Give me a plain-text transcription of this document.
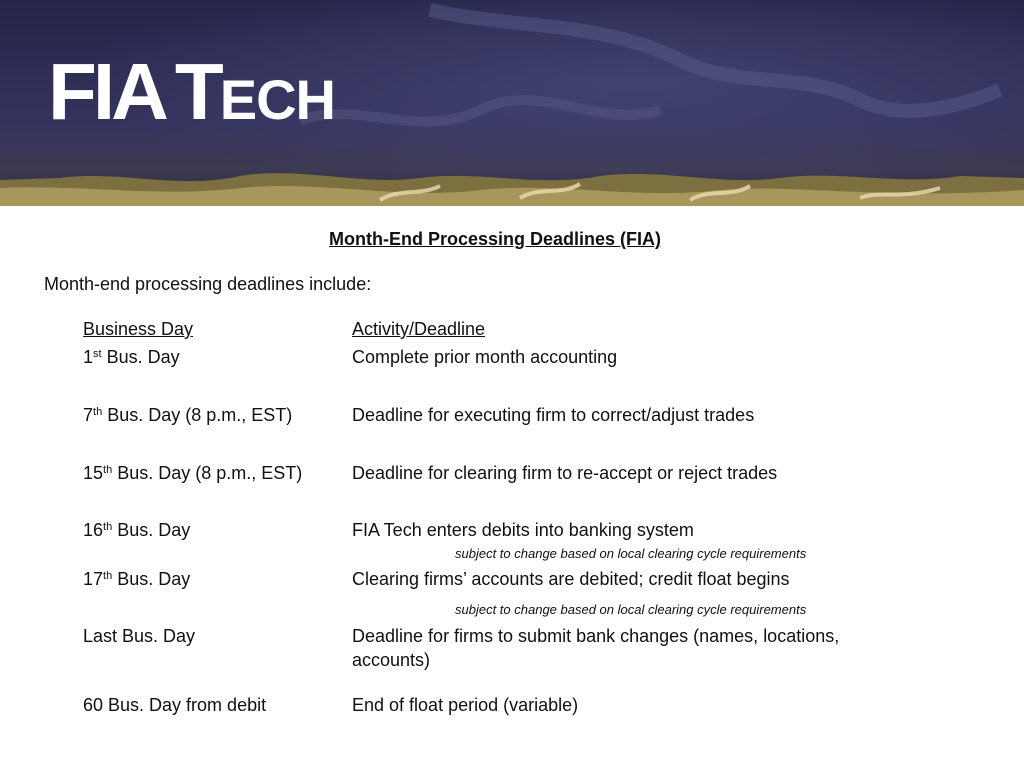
FIA TECH
Month-End Processing Deadlines (FIA)
Month-end processing deadlines include:
Business Day	Activity/Deadline
1st Bus. Day	Complete prior month accounting
7th Bus. Day (8 p.m., EST)	Deadline for executing firm to correct/adjust trades
15th Bus. Day (8 p.m., EST)	Deadline for clearing firm to re-accept or reject trades
16th Bus. Day	FIA Tech enters debits into banking system
subject to change based on local clearing cycle requirements
17th Bus. Day	Clearing firms’ accounts are debited; credit float begins
subject to change based on local clearing cycle requirements
Last Bus. Day	Deadline for firms to submit bank changes (names, locations,
accounts)
60 Bus. Day from debit	End of float period (variable)
